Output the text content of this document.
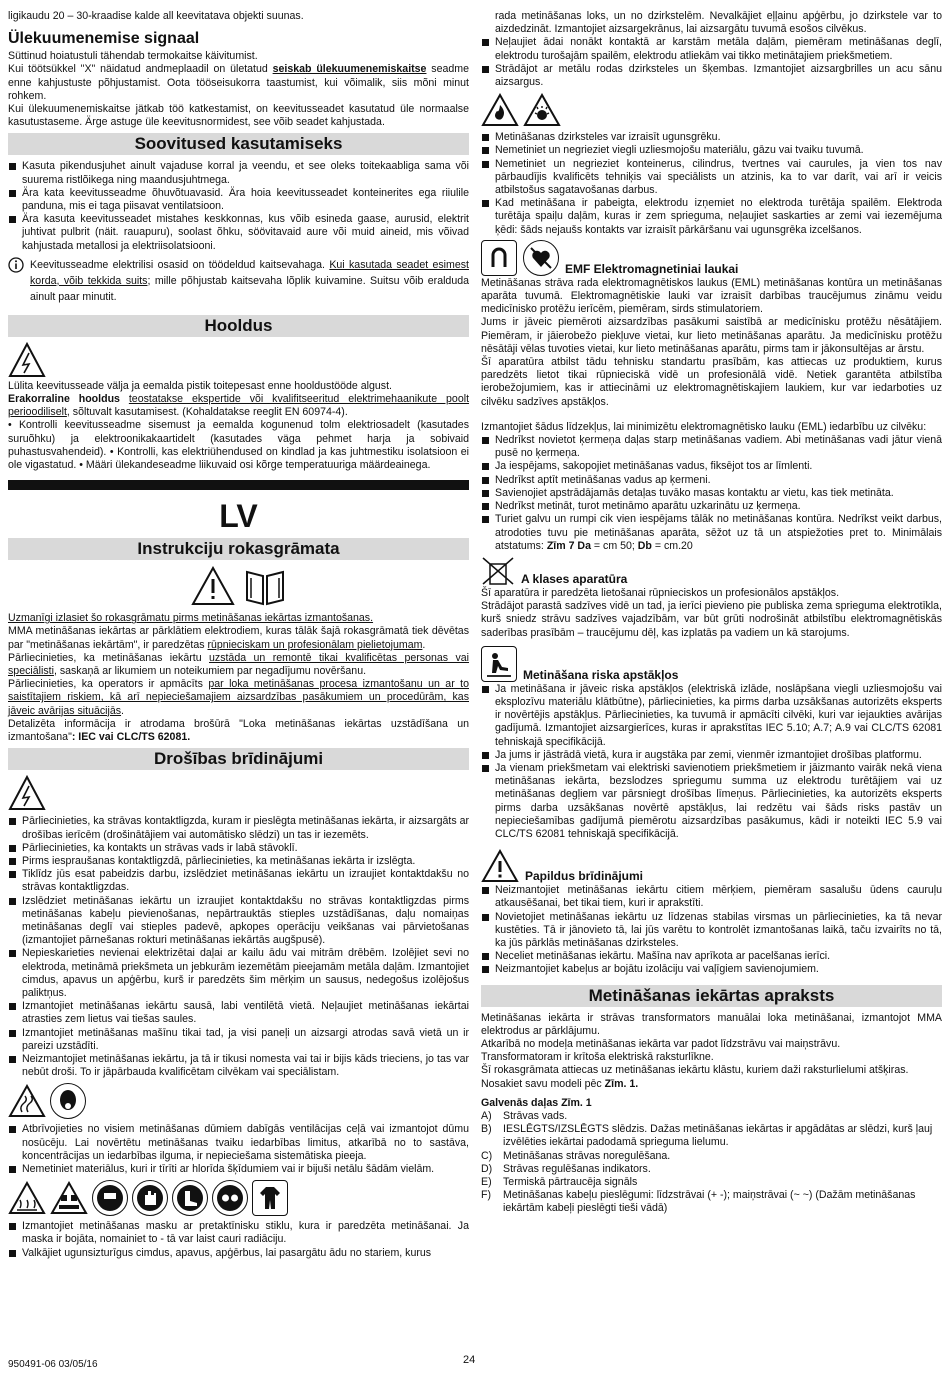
ligikaudu 20 – 30-kraadise kalde all keevitatava objekti suunas.

Ülekuumenemise signaal

Süttinud hoiatustuli tähendab termokaitse käivitumist.
Kui töötsükkel "X" näidatud andmeplaadil on ületatud seiskab ülekuumenemiskaitse seadme enne kahjustuste põhjustamist. Oota tööseisukorra taastumist, kui võimalik, siis mõni minut rohkem.

Kui ülekuumenemiskaitse jätkab töö katkestamist, on keevitusseadet kasutatud üle normaalse kasutustaseme. Ärge astuge üle keevitusnormidest, see võib seadet kahjustada.

Soovitused kasutamiseks
Kasuta pikendusjuhet ainult vajaduse korral ja veendu, et see oleks toitekaabliga sama või suurema ristlõikega ning maandusjuhtmega.
Ära kata keevitusseadme õhuvõtuavasid. Ära hoia keevitusseadet konteinerites ega riiulile panduna, mis ei taga piisavat ventilatsioon.
Ära kasuta keevitusseadet mistahes keskkonnas, kus võib esineda gaase, aurusid, elektrit juhtivat pulbrit (näit. rauapuru), soolast õhku, söövitavaid aure või muid aineid, mis võivad kahjustada metallosi ja elektriisolatsiooni.

Keevitusseadme elektrilisi osasid on töödeldud kaitsevahaga. Kui kasutada seadet esimest korda, võib tekkida suits; mille põhjustab kaitsevaha lõplik kuivamine. Suitsu võib eralduda ainult paar minutit.

Hooldus

Lülita keevitusseade välja ja eemalda pistik toitepesast enne hooldustööde algust.

Erakorraline hooldus teostatakse ekspertide või kvalifitseeritud elektrimehaanikute poolt perioodiliselt, sõltuvalt kasutamisest. (Kohaldatakse reeglit EN 60974-4).

• Kontrolli keevitusseadme sisemust ja eemalda kogunenud tolm elektriosadelt (kasutades suruõhku) ja elektroonikakaartidelt (kasutades väga pehmet harja ja sobivaid puhastusvahendeid). • Kontrolli, kas elektriühendused on kindlad ja kas juhtmestiku isolatsioon ei ole vigastatud. • Määri ülekandeseadme liikuvaid osi kõrge temperatuuriga määrdeainega.

LV
Instrukciju rokasgrāmata

Uzmanīgi izlasiet šo rokasgrāmatu pirms metināšanas iekārtas izmantošanas.

MMA metināšanas iekārtas ar pārklātiem elektrodiem, kuras tālāk šajā rokasgrāmatā tiek dēvētas par "metināšanas iekārtām", ir paredzētas rūpnieciskam un profesionālam pielietojumam.

Pārliecinieties, ka metināšanas iekārtu uzstāda un remontē tikai kvalificētas personas vai speciālisti, saskaņā ar likumiem un noteikumiem par negadījumu novēršanu.

Pārliecinieties, ka operators ir apmācīts par loka metināšanas procesa izmantošanu un ar to saistītajiem riskiem, kā arī nepieciešamajiem aizsardzības pasākumiem un procedūrām, kas jāveic avārijas situācijās.

Detalizēta informācija ir atrodama brošūrā "Loka metināšanas iekārtas uzstādīšana un izmantošana": IEC vai CLC/TS 62081.

Drošības brīdinājumi
Pārliecinieties, ka strāvas kontaktligzda, kuram ir pieslēgta metināšanas iekārta, ir aizsargāts ar drošības ierīcēm (drošinātājiem vai automātisko slēdzi) un tas ir iezemēts.
Pārliecinieties, ka kontakts un strāvas vads ir labā stāvoklī.
Pirms iespraušanas kontaktligzdā, pārliecinieties, ka metināšanas iekārta ir izslēgta.
Tiklīdz jūs esat pabeidzis darbu, izslēdziet metināšanas iekārtu un izraujiet kontaktdakšu no strāvas kontaktligzdas.
Izslēdziet metināšanas iekārtu un izraujiet kontaktdakšu no strāvas kontaktligzdas pirms metināšanas kabeļu pievienošanas, nepārtrauktās stieples uzstādīšanas, daļu nomaiņas metināšanas deglī vai stieples padevē, apkopes operāciju veikšanas vai pārvietošanas (izmantojiet pārnešanas rokturi metināšanas iekārtās augšpusē).
Nepieskarieties nevienai elektrizētai daļai ar kailu ādu vai mitrām drēbēm. Izolējiet sevi no elektroda, metināmā priekšmeta un jebkurām iezemētām pieejamām metāla daļām. Izmantojiet cimdus, apavus un apģērbu, kurš ir paredzēts šim mērķim un sausus, nedegošus izolējošus paliktņus.
Izmantojiet metināšanas iekārtu sausā, labi ventilētā vietā. Neļaujiet metināšanas iekārtai atrasties zem lietus vai tiešas saules.
Izmantojiet metināšanas mašīnu tikai tad, ja visi paneļi un aizsargi atrodas savā vietā un ir pareizi uzstādīti.
Neizmantojiet metināšanas iekārtu, ja tā ir tikusi nomesta vai tai ir bijis kāds trieciens, jo tas var nebūt droši. To ir jāpārbauda kvalificētam cilvēkam vai speciālistam.
Atbrīvojieties no visiem metināšanas dūmiem dabīgās ventilācijas ceļā vai izmantojot dūmu nosūcēju. Lai novērtētu metināšanas tvaiku iedarbības limitus, atkarībā no to sastāva, koncentrācijas un iedarbības ilguma, ir nepieciešama sistemātiska pieeja.
Nemetiniet materiālus, kuri ir tīrīti ar hlorīda šķīdumiem vai ir bijuši netālu šādām vielām.
Izmantojiet metināšanas masku ar pretaktīnisku stiklu, kura ir paredzēta metināšanai. Ja maska ir bojāta, nomainiet to - tā var laist cauri radiāciju.
Valkājiet ugunsizturīgus cimdus, apavus, apģērbus, lai pasargātu ādu no stariem, kurus

rada metināšanas loks, un no dzirkstelēm. Nevalkājiet eļļainu apģērbu, jo dzirkstele var to aizdedzināt. Izmantojiet aizsargekrānus, lai aizsargātu tuvumā esošos cilvēkus.

Neļaujiet ādai nonākt kontaktā ar karstām metāla daļām, piemēram metināšanas deglī, elektrodu turošajām spailēm, elektrodu atliekām vai tikko metinātajiem priekšmetiem.
Strādājot ar metālu rodas dzirksteles un šķembas. Izmantojiet aizsargbrilles un acu sānu aizsargus.
Metināšanas dzirksteles var izraisīt ugunsgrēku.
Nemetiniet un negrieziet viegli uzliesmojošu materiālu, gāzu vai tvaiku tuvumā.
Nemetiniet un negrieziet konteinerus, cilindrus, tvertnes vai caurules, ja vien tos nav pārbaudījis kvalificēts tehniķis vai speciālists un atzinis, ka to var darīt, vai arī ir veicis atbilstošus sagatavošanas darbus.
Kad metināšana ir pabeigta, elektrodu izņemiet no elektroda turētāja spailēm. Elektroda turētāja spaiļu daļām, kuras ir zem sprieguma, neļaujiet saskarties ar zemi vai iezemējuma ķēdi: šāds nejaušs kontakts var izraisīt pārkāršanu vai ugunsgrēka izcelšanos.
EMF Elektromagnetiniai laukai

Metināšanas strāva rada elektromagnētiskos laukus (EML) metināšanas kontūra un metināšanas aparāta tuvumā. Elektromagnētiskie lauki var izraisīt darbības traucējumus zināmu veidu medicīnisko protēžu ierīcēm, piemēram, sirds stimulatoriem.

Jums ir jāveic piemēroti aizsardzības pasākumi saistībā ar medicīnisku protēžu nēsātājiem. Piemēram, ir jāierobežo piekļuve vietai, kur lieto metināšanas aparātu. Ja medicīnisku protēžu nēsātāji vēlas tuvoties vietai, kur lieto metināšanas aparātu, pirms tam ir jākonsultējas ar ārstu.

Šī aparatūra atbilst tādu tehnisku standartu prasībām, kas attiecas uz produktiem, kurus paredzēts lietot tikai rūpnieciskā vidē un profesionālā vidē. Netiek garantēta atbilstība ierobežojumiem, kas ir attiecināmi uz elektromagnētiskajiem laukiem, kur var iedarboties uz cilvēku sadzīves apstākļos.

Izmantojiet šādus līdzekļus, lai minimizētu elektromagnētisko lauku (EML) iedarbību uz cilvēku:

Nedrīkst novietot ķermeņa daļas starp metināšanas vadiem. Abi metināšanas vadi jātur vienā pusē no ķermeņa.
Ja iespējams, sakopojiet metināšanas vadus, fiksējot tos ar līmlenti.
Nedrīkst aptīt metināšanas vadus ap ķermeni.
Savienojiet apstrādājamās detaļas tuvāko masas kontaktu ar vietu, kas tiek metināta.
Nedrīkst metināt, turot metināmo aparātu uzkarinātu uz ķermeņa.
Turiet galvu un rumpi cik vien iespējams tālāk no metināšanas kontūra. Nedrīkst veikt darbus, atrodoties tuvu pie metināšanas aparāta, sēžot uz tā un atspiežoties pret to. Minimālais atstatums: Zīm 7 Da = cm 50; Db = cm.20
A klases aparatūra

Šī aparatūra ir paredzēta lietošanai rūpnieciskos un profesionālos apstākļos.

Strādājot parastā sadzīves vidē un tad, ja ierīci pievieno pie publiska zema sprieguma elektrotīkla, kurš sniedz strāvu sadzīves vajadzībām, var būt grūti nodrošināt atbilstību elektromagnētiskās saderības prasībām – traucējumu dēļ, kas izplatās pa vadiem un kā starojums.

Metināšana riska apstākļos
Ja metināšana ir jāveic riska apstākļos (elektriskā izlāde, noslāpšana viegli uzliesmojošu vai eksplozīvu materiālu klātbūtne), pārliecinieties, ka pirms darba uzsākšanas autorizēts eksperts ir novērtējis apstākļus. Pārliecinieties, ka tuvumā ir apmācīti cilvēki, kuri var iejaukties avārijas gadījumā. Izmantojiet aizsargierīces, kuras ir aprakstītas IEC 5.10; A.7; A.9 vai CLC/TS 62081 tehniskajā specifikācijā.
Ja jums ir jāstrādā vietā, kura ir augstāka par zemi, vienmēr izmantojiet drošības platformu.
Ja vienam priekšmetam vai elektriski savienotiem priekšmetiem ir jāizmanto vairāk nekā viena metināšanas iekārta, bezslodzes spriegumu summa uz elektrodu turētājiem vai uz metināšanas degļiem var pārsniegt drošības līmeņus. Pārliecinieties, ka autorizēts eksperts pirms darba uzsākšanas novērtē apstākļus, lai redzētu vai šāds risks pastāv un nepieciešamības gadījumā piemērotu aizsardzības pasākumus, kādi ir noteikti IEC 5.9 vai CLC/TS 62081 tehniskajā specifikācijā.
Papildus brīdinājumi
Neizmantojiet metināšanas iekārtu citiem mērķiem, piemēram sasalušu ūdens cauruļu atkausēšanai, bet tikai tiem, kuri ir aprakstīti.
Novietojiet metināšanas iekārtu uz līdzenas stabilas virsmas un pārliecinieties, ka tā nevar kustēties. Tā ir jānovieto tā, lai jūs varētu to kontrolēt izmantošanas laikā, taču izvairīts no tā, ka jūs pārklās metināšanas dzirksteles.
Neceliet metināšanas iekārtu. Mašīna nav aprīkota ar pacelšanas ierīci.
Neizmantojiet kabeļus ar bojātu izolāciju vai vaļīgiem savienojumiem.
Metināšanas iekārtas apraksts

Metināšanas iekārta ir strāvas transformators manuālai loka metināšanai, izmantojot MMA elektrodus ar pārklājumu.

Atkarībā no modeļa metināšanas iekārta var padot līdzstrāvu vai maiņstrāvu.

Transformatoram ir krītoša elektriskā raksturlīkne.

Šī rokasgrāmata attiecas uz metināšanas iekārtu klāstu, kuriem daži raksturlielumi atšķiras.

Nosakiet savu modeli pēc Zīm. 1.

Galvenās daļas Zīm. 1

A)	Strāvas vads.
B)	IESLĒGTS/IZSLĒGTS slēdzis. Dažas metināšanas iekārtas ir apgādātas ar slēdzi, kurš ļauj izvēlēties iekārtai padodamā sprieguma lielumu.
C)	Metināšanas strāvas noregulēšana.
D)	Strāvas regulēšanas indikators.
E)	Termiskā pārtraucēja signāls
F)	Metināšanas kabeļu pieslēgumi: līdzstrāvai (+ -); maiņstrāvai (~ ~) (Dažām metināšanas iekārtām kabeļi pieslēgti tieši vādā)
950491-06 03/05/16	24
